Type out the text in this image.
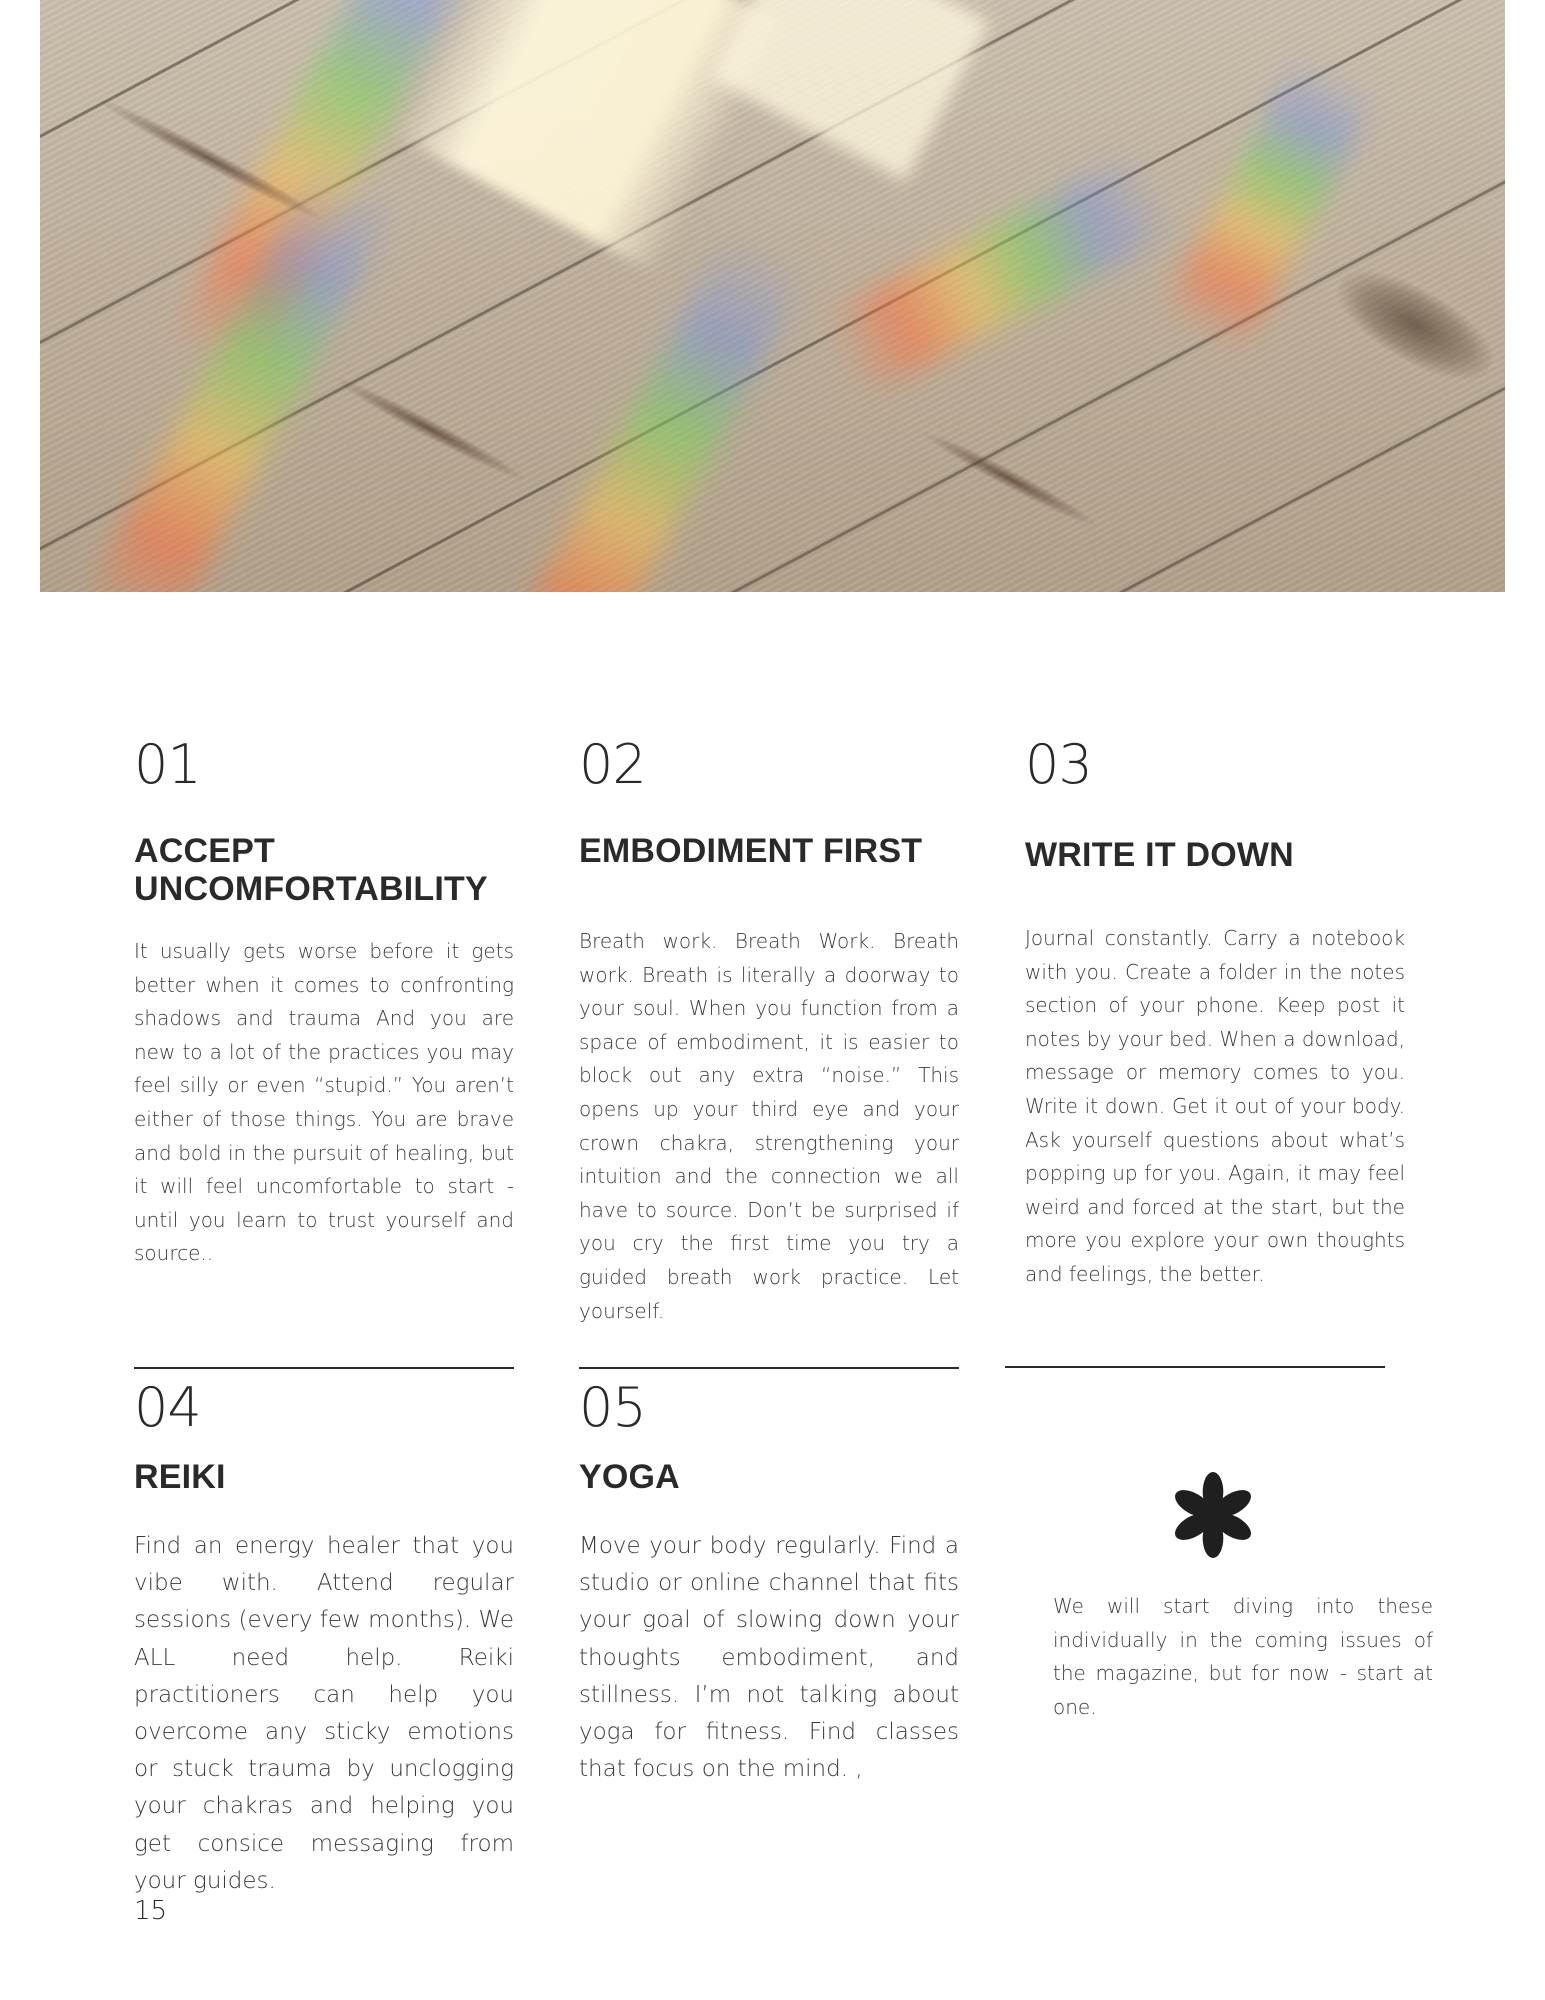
01
ACCEPT UNCOMFORTABILITY

It usually gets worse before it gets better when it comes to confronting shadows and trauma And you are new to a lot of the practices you may feel silly or even “stupid.” You aren’t either of those things. You are brave and bold in the pursuit of healing, but it will feel uncomfortable to start - until you learn to trust yourself and source..

02
EMBODIMENT FIRST

Breath work. Breath Work. Breath work. Breath is literally a doorway to your soul. When you function from a space of embodiment, it is easier to block out any extra “noise.” This opens up your third eye and your crown chakra, strengthening your intuition and the connection we all have to source. Don’t be surprised if you cry the first time you try a guided breath work practice. Let yourself.

03
WRITE IT DOWN

Journal constantly. Carry a notebook with you. Create a folder in the notes section of your phone. Keep post it notes by your bed. When a download, message or memory comes to you. Write it down. Get it out of your body. Ask yourself questions about what’s popping up for you. Again, it may feel weird and forced at the start, but the more you explore your own thoughts and feelings, the better.

04
REIKI

Find an energy healer that you vibe with. Attend regular sessions (every few months). We ALL need help. Reiki practitioners can help you overcome any sticky emotions or stuck trauma by unclogging your chakras and helping you get consice messaging from your guides.

05
YOGA

Move your body regularly. Find a studio or online channel that fits your goal of slowing down your thoughts embodiment, and stillness. I’m not talking about yoga for fitness. Find classes that focus on the mind. ,

We will start diving into these individually in the coming issues of the magazine, but for now - start at one.

15
